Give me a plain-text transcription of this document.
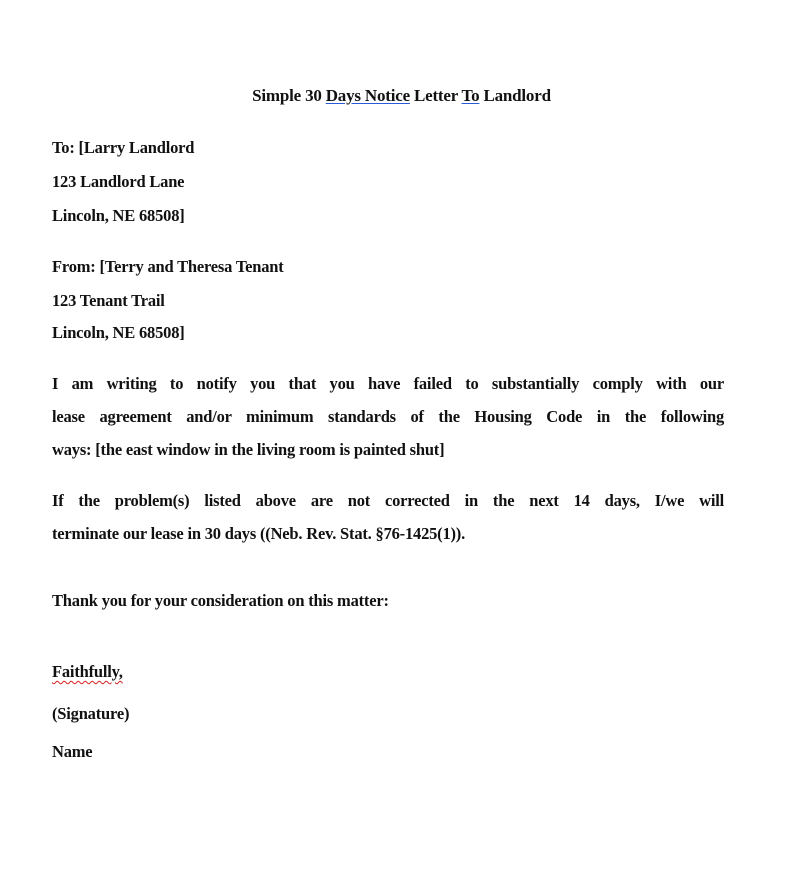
Simple 30 Days Notice Letter To Landlord
To: [Larry Landlord
123 Landlord Lane
Lincoln, NE 68508]
From: [Terry and Theresa Tenant
123 Tenant Trail
Lincoln, NE 68508]
I am writing to notify you that you have failed to substantially comply with our
lease agreement and/or minimum standards of the Housing Code in the following
ways: [the east window in the living room is painted shut]
If the problem(s) listed above are not corrected in the next 14 days, I/we will
terminate our lease in 30 days ((Neb. Rev. Stat. §76-1425(1)).
Thank you for your consideration on this matter:
Faithfully,
(Signature)
Name
